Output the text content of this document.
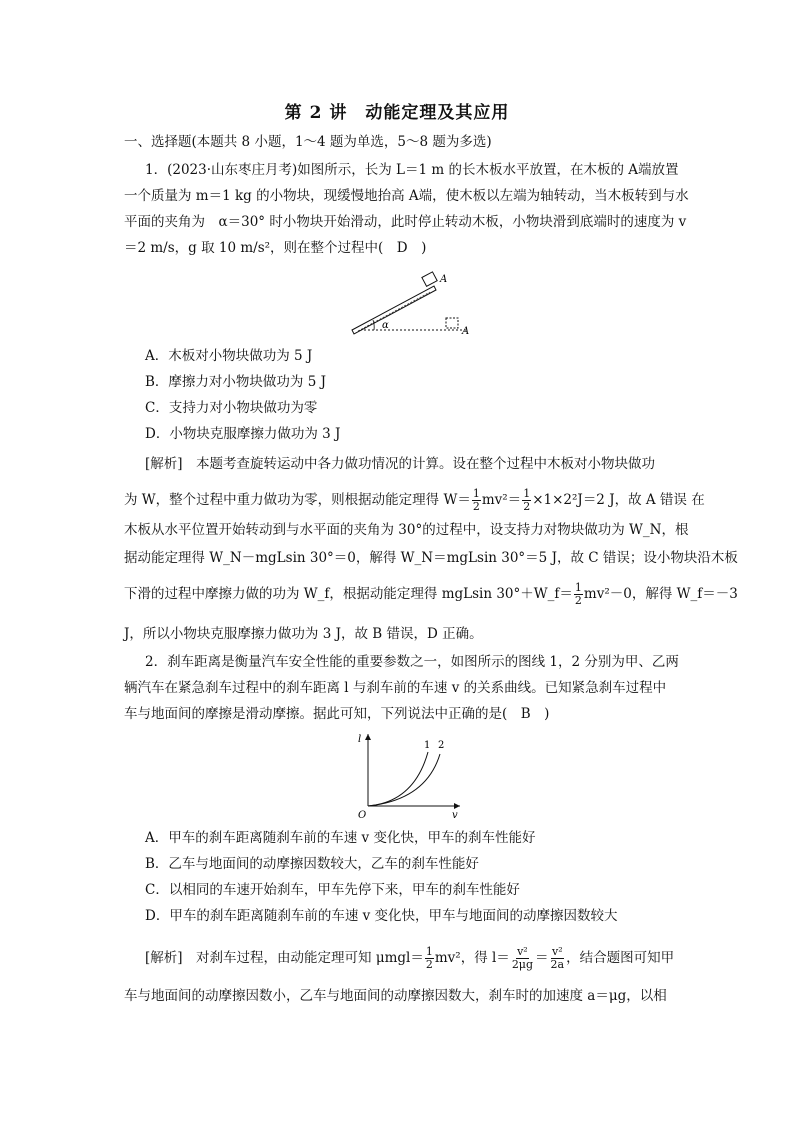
第 2 讲　动能定理及其应用
一、选择题(本题共 8 小题，1～4 题为单选，5～8 题为多选)
1．(2023·山东枣庄月考)如图所示，长为 L＝1 m 的长木板水平放置，在木板的 A端放置
一个质量为 m＝1 kg 的小物块，现缓慢地抬高 A端，使木板以左端为轴转动，当木板转到与水
平面的夹角为　α＝30° 时小物块开始滑动，此时停止转动木板，小物块滑到底端时的速度为 v
＝2 m/s，g 取 10 m/s²，则在整个过程中(　D　)
α
A
A
A．木板对小物块做功为 5 J
B．摩擦力对小物块做功为 5 J
C．支持力对小物块做功为零
D．小物块克服摩擦力做功为 3 J
[解析]　本题考查旋转运动中各力做功情况的计算。设在整个过程中木板对小物块做功
为 W，整个过程中重力做功为零，则根据动能定理得 $W= \frac{1}{2} mv^2= \frac{1}{2} \times 1\times 2^2J=2$ J，故 A 错误 在
木板从水平位置开始转动到与水平面的夹角为 30°的过程中，设支持力对物块做功为 W_N，根
据动能定理得 W_N－mgLsin 30°＝0，解得 W_N＝mgLsin 30°＝5 J，故 C 错误；设小物块沿木板
下滑的过程中摩擦力做的功为 W_f，根据动能定理得 mgLsin 30°＋W_f＝ $\frac{1}{2} mv^2-0$，解得 W_f＝－3
J，所以小物块克服摩擦力做功为 3 J，故 B 错误，D 正确。
2．刹车距离是衡量汽车安全性能的重要参数之一，如图所示的图线 1，2 分别为甲、乙两
辆汽车在紧急刹车过程中的刹车距离 l 与刹车前的车速 v 的关系曲线。已知紧急刹车过程中
车与地面间的摩擦是滑动摩擦。据此可知，下列说法中正确的是(　B　)
l
v
O
1 2
A．甲车的刹车距离随刹车前的车速 v 变化快，甲车的刹车性能好
B．乙车与地面间的动摩擦因数较大，乙车的刹车性能好
C．以相同的车速开始刹车，甲车先停下来，甲车的刹车性能好
D．甲车的刹车距离随刹车前的车速 v 变化快，甲车与地面间的动摩擦因数较大
[解析]　对刹车过程，由动能定理可知 $\mu mgl= \frac{1}{2} mv^2$，得 $l= \frac{\text{v²}}{2\mu g} = \frac{\text{v²}}{2a}$ ，结合题图可知甲
车与地面间的动摩擦因数小，乙车与地面间的动摩擦因数大，刹车时的加速度 a＝μg，以相
